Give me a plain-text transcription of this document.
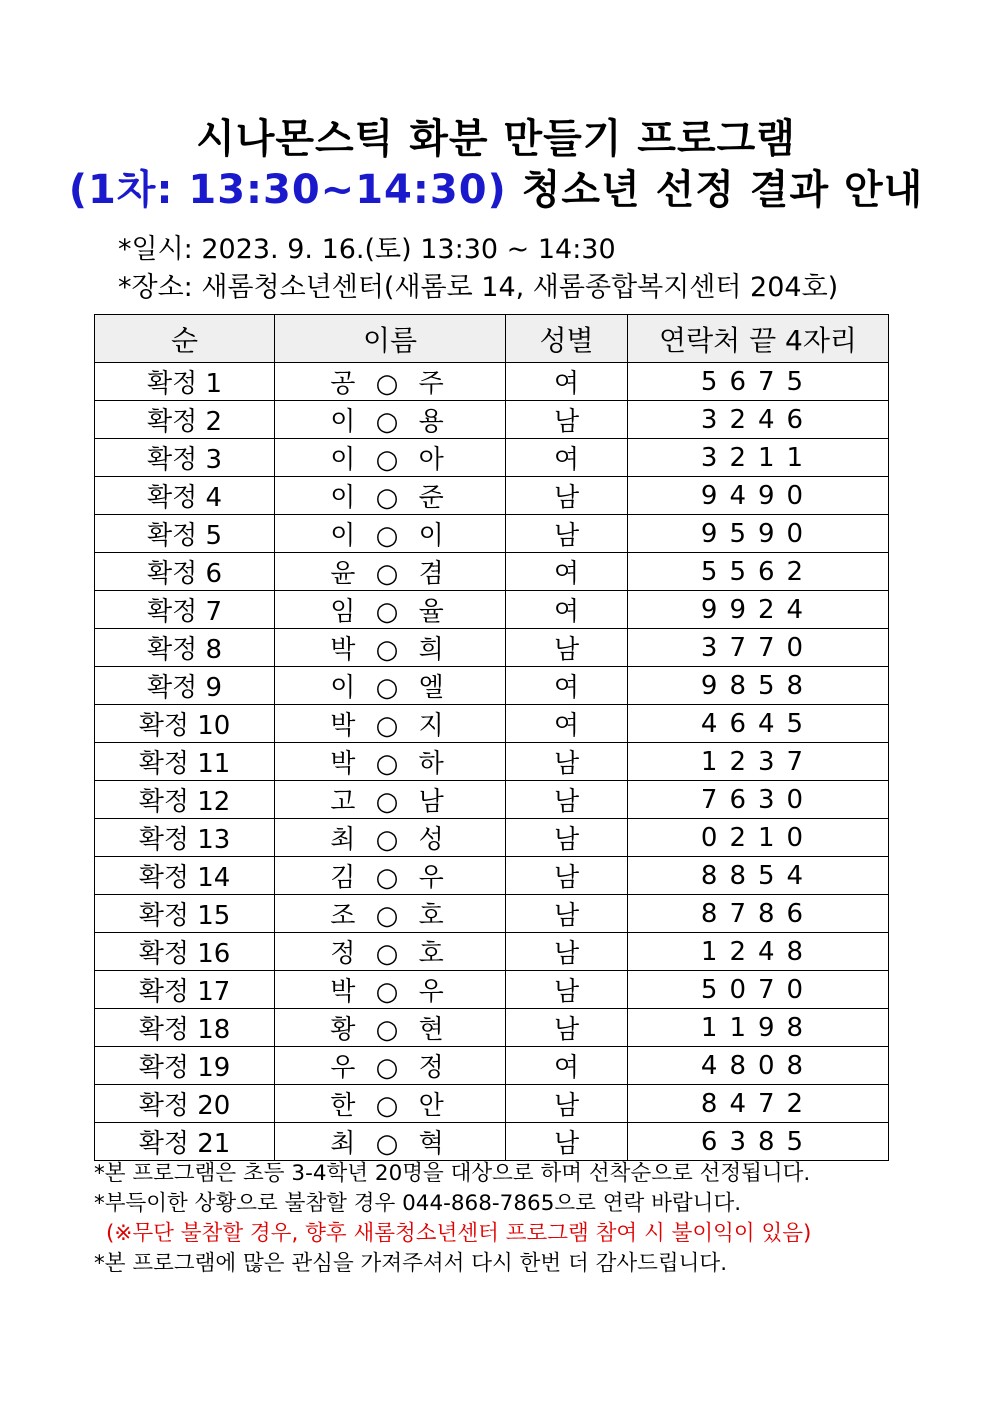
시나몬스틱 화분 만들기 프로그램
(1차: 13:30~14:30) 청소년 선정 결과 안내
*일시: 2023. 9. 16.(토) 13:30 ~ 14:30
*장소: 새롬청소년센터(새롬로 14, 새롬종합복지센터 204호)
순	이름	성별	연락처 끝 4자리
확정 1	공 ○ 주	여	5675
확정 2	이 ○ 용	남	3246
확정 3	이 ○ 아	여	3211
확정 4	이 ○ 준	남	9490
확정 5	이 ○ 이	남	9590
확정 6	윤 ○ 겸	여	5562
확정 7	임 ○ 율	여	9924
확정 8	박 ○ 희	남	3770
확정 9	이 ○ 엘	여	9858
확정 10	박 ○ 지	여	4645
확정 11	박 ○ 하	남	1237
확정 12	고 ○ 남	남	7630
확정 13	최 ○ 성	남	0210
확정 14	김 ○ 우	남	8854
확정 15	조 ○ 호	남	8786
확정 16	정 ○ 호	남	1248
확정 17	박 ○ 우	남	5070
확정 18	황 ○ 현	남	1198
확정 19	우 ○ 정	여	4808
확정 20	한 ○ 안	남	8472
확정 21	최 ○ 혁	남	6385
*본 프로그램은 초등 3-4학년 20명을 대상으로 하며 선착순으로 선정됩니다.
*부득이한 상황으로 불참할 경우 044-868-7865으로 연락 바랍니다.
(※무단 불참할 경우, 향후 새롬청소년센터 프로그램 참여 시 불이익이 있음)
*본 프로그램에 많은 관심을 가져주셔서 다시 한번 더 감사드립니다.
